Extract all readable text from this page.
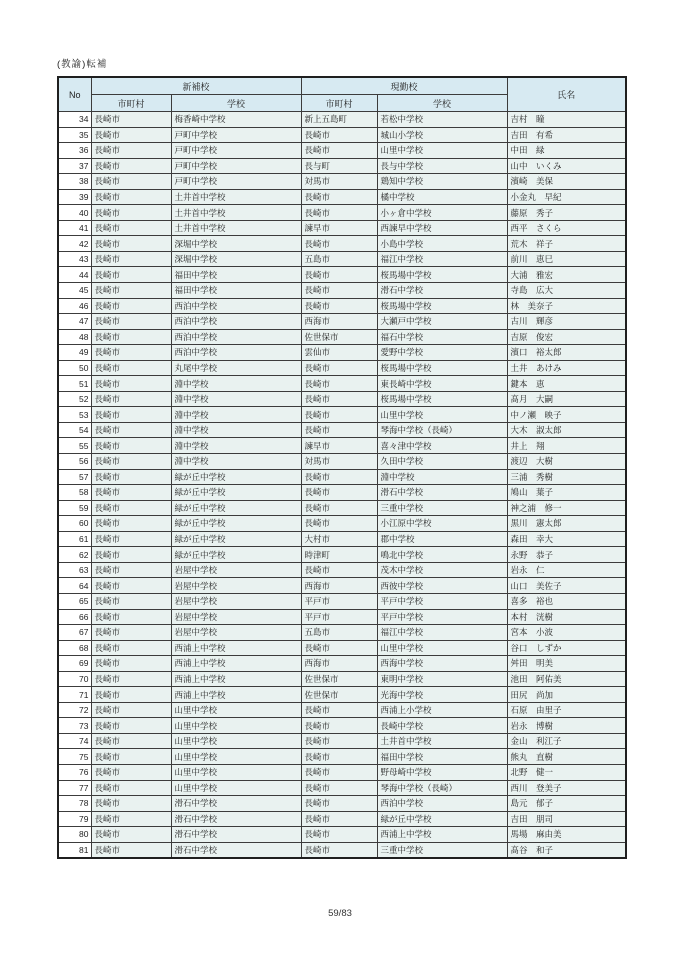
(教諭)転補
No	新補校		現勤校		氏名
	市町村	学校	市町村	学校	
34	長崎市	梅香崎中学校	新上五島町	若松中学校	吉村　瞳
35	長崎市	戸町中学校	長崎市	城山小学校	吉田　有希
36	長崎市	戸町中学校	長崎市	山里中学校	中田　緑
37	長崎市	戸町中学校	長与町	長与中学校	山中　いくみ
38	長崎市	戸町中学校	対馬市	鶏知中学校	濱崎　美保
39	長崎市	土井首中学校	長崎市	橘中学校	小金丸　早紀
40	長崎市	土井首中学校	長崎市	小ヶ倉中学校	藤原　秀子
41	長崎市	土井首中学校	諫早市	西諫早中学校	西平　さくら
42	長崎市	深堀中学校	長崎市	小島中学校	荒木　祥子
43	長崎市	深堀中学校	五島市	福江中学校	前川　恵巳
44	長崎市	福田中学校	長崎市	桜馬場中学校	大浦　雅宏
45	長崎市	福田中学校	長崎市	滑石中学校	寺島　広大
46	長崎市	西泊中学校	長崎市	桜馬場中学校	林　美奈子
47	長崎市	西泊中学校	西海市	大瀬戸中学校	古川　輝彦
48	長崎市	西泊中学校	佐世保市	福石中学校	吉原　俊宏
49	長崎市	西泊中学校	雲仙市	愛野中学校	濱口　裕太郎
50	長崎市	丸尾中学校	長崎市	桜馬場中学校	土井　あけみ
51	長崎市	淵中学校	長崎市	東長崎中学校	鍵本　恵
52	長崎市	淵中学校	長崎市	桜馬場中学校	髙月　大嗣
53	長崎市	淵中学校	長崎市	山里中学校	中ノ瀬　映子
54	長崎市	淵中学校	長崎市	琴海中学校（長崎）	大木　淑太郎
55	長崎市	淵中学校	諫早市	喜々津中学校	井上　翔
56	長崎市	淵中学校	対馬市	久田中学校	渡辺　大樹
57	長崎市	緑が丘中学校	長崎市	淵中学校	三浦　秀樹
58	長崎市	緑が丘中学校	長崎市	滑石中学校	鳩山　葉子
59	長崎市	緑が丘中学校	長崎市	三重中学校	神之浦　修一
60	長崎市	緑が丘中学校	長崎市	小江原中学校	黒川　憲太郎
61	長崎市	緑が丘中学校	大村市	郡中学校	森田　幸大
62	長崎市	緑が丘中学校	時津町	鳴北中学校	永野　恭子
63	長崎市	岩屋中学校	長崎市	茂木中学校	岩永　仁
64	長崎市	岩屋中学校	西海市	西彼中学校	山口　美佐子
65	長崎市	岩屋中学校	平戸市	平戸中学校	喜多　裕也
66	長崎市	岩屋中学校	平戸市	平戸中学校	本村　洸樹
67	長崎市	岩屋中学校	五島市	福江中学校	宮本　小波
68	長崎市	西浦上中学校	長崎市	山里中学校	谷口　しずか
69	長崎市	西浦上中学校	西海市	西海中学校	舛田　明美
70	長崎市	西浦上中学校	佐世保市	東明中学校	池田　阿佑美
71	長崎市	西浦上中学校	佐世保市	光海中学校	田尻　尚加
72	長崎市	山里中学校	長崎市	西浦上小学校	石原　由里子
73	長崎市	山里中学校	長崎市	長崎中学校	岩永　博樹
74	長崎市	山里中学校	長崎市	土井首中学校	金山　利江子
75	長崎市	山里中学校	長崎市	福田中学校	熊丸　直樹
76	長崎市	山里中学校	長崎市	野母崎中学校	北野　健一
77	長崎市	山里中学校	長崎市	琴海中学校（長崎）	西川　登美子
78	長崎市	滑石中学校	長崎市	西泊中学校	島元　郁子
79	長崎市	滑石中学校	長崎市	緑が丘中学校	吉田　朋司
80	長崎市	滑石中学校	長崎市	西浦上中学校	馬場　麻由美
81	長崎市	滑石中学校	長崎市	三重中学校	髙谷　和子
59/83
